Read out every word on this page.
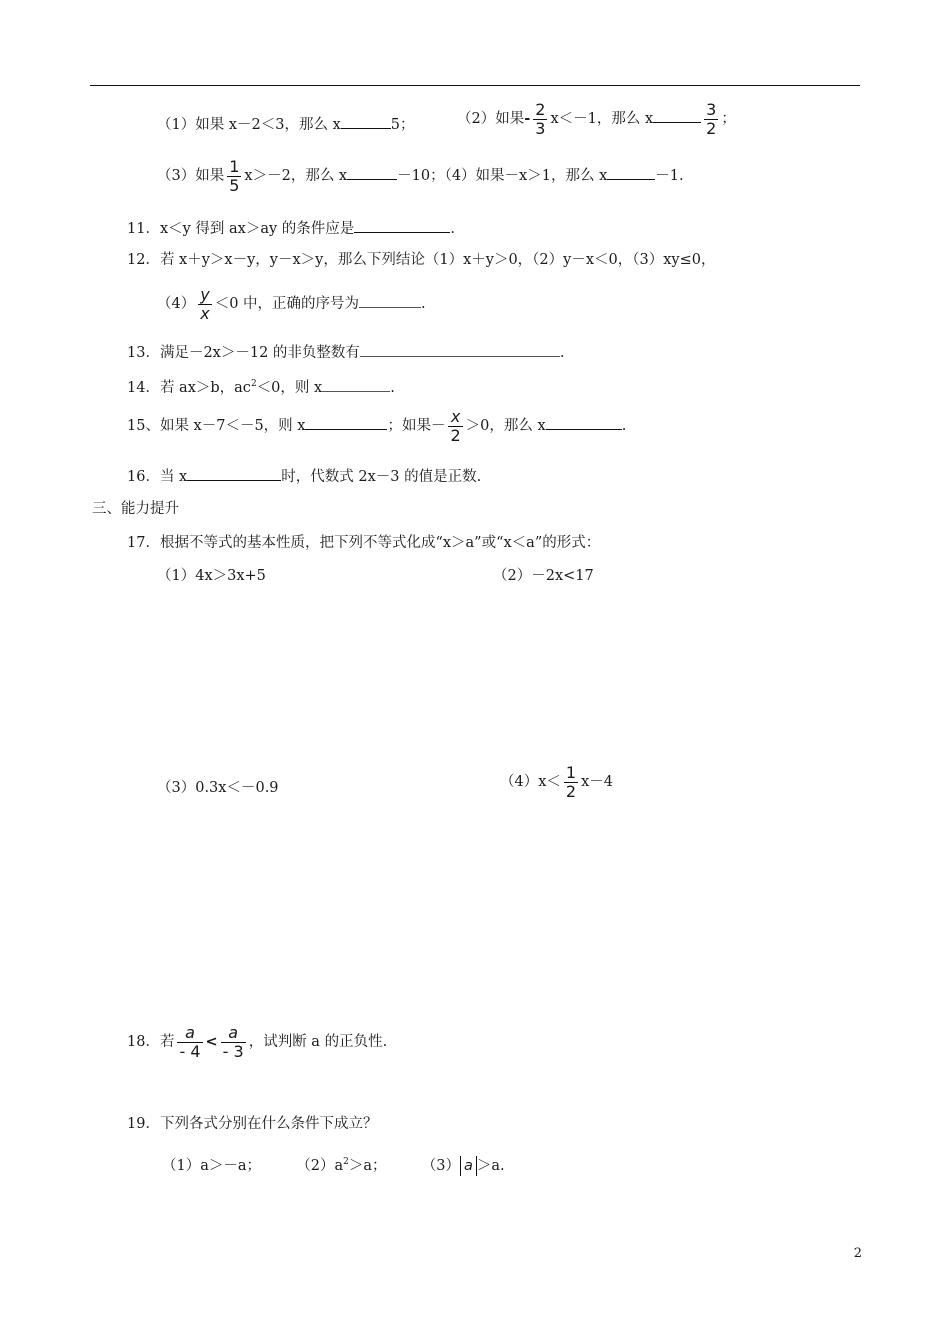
（1）如果 x－2＜3，那么 x	5；	（2）如果- $\frac{2}{3} x<-1$，那么 x	$\frac{3}{2}$ ；
（3）如果 $\frac{1}{5} x>-2$，那么 x	－10；（4）如果－x＞1，那么 x	－1.
11．x＜y 得到 ax＞ay 的条件应是	.
12．若 x＋y＞x－y，y－x＞y，那么下列结论（1）x＋y＞0，（2）y－x＜0，（3）xy≤0，
$(4) \frac{y}{x} <0$ 中，正确的序号为	.
13．满足－2x＞－12 的非负整数有	.
14．若 ax＞b，$ac^2<0$，则 x	.
15、如果 x－7＜－5，则 x	；如果－ $\frac{x}{2} >0$，那么 x	.
16．当 x	时，代数式 2x－3 的值是正数.
三、能力提升
17．根据不等式的基本性质，把下列不等式化成“x＞a”或“x＜a”的形式：
（1）4x＞3x+5	（2）－2x<17
（3）0.3x＜－0.9	$(4)x< \frac{1}{2} x-4$
18．若 $\frac{a}{- 4} < \frac{a}{- 3}$ ，试判断 a 的正负性.
19．下列各式分别在什么条件下成立？
（1）a＞－a； $(2)a^2>a$； （3） a ＞a.
2
